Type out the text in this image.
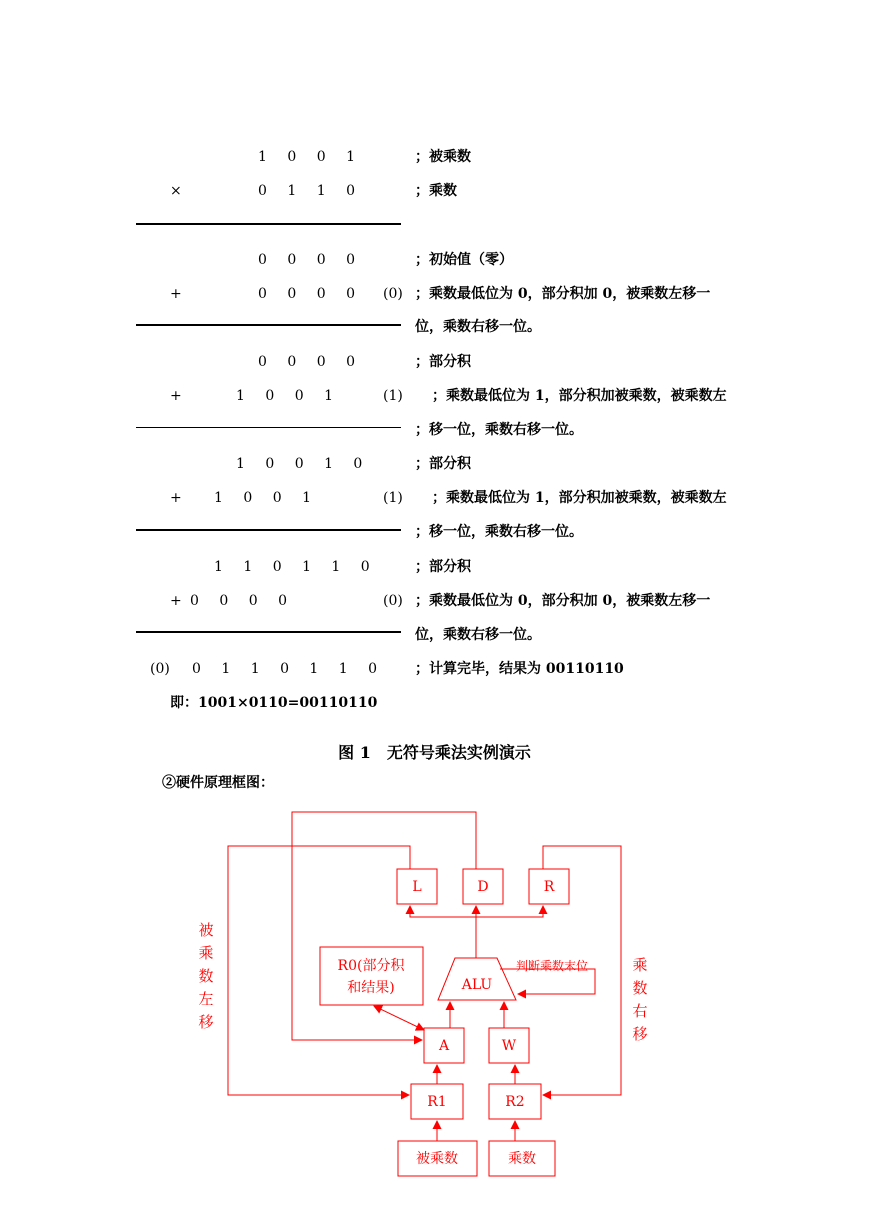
1 0 0 1	；被乘数
×	0 1 1 0	；乘数
0 0 0 0	；初始值（零）
+	0 0 0 0 (0) ；乘数最低位为 0，部分积加 0，被乘数左移一
位，乘数右移一位。
0 0 0 0	；部分积
+	1 0 0 1	(1) ；乘数最低位为 1，部分积加被乘数，被乘数左
；移一位，乘数右移一位。
1 0 0 1 0	；部分积
+ 1 0 0 1	(1) ；乘数最低位为 1，部分积加被乘数，被乘数左
；移一位，乘数右移一位。
1 1 0 1 1 0	；部分积
+ 0 0 0 0	(0) ；乘数最低位为 0，部分积加 0，被乘数左移一
位，乘数右移一位。
(0) 0 1 1 0 1 1 0 ；计算完毕，结果为 00110110
即：1001×0110=00110110
图 1　无符号乘法实例演示
②硬件原理框图：
L	D	R
R0(部分积
和结果)	ALU
A	W
R1	R2
被乘数	乘数
判断乘数末位
被
乘
数
左
移
乘
数
右
移
